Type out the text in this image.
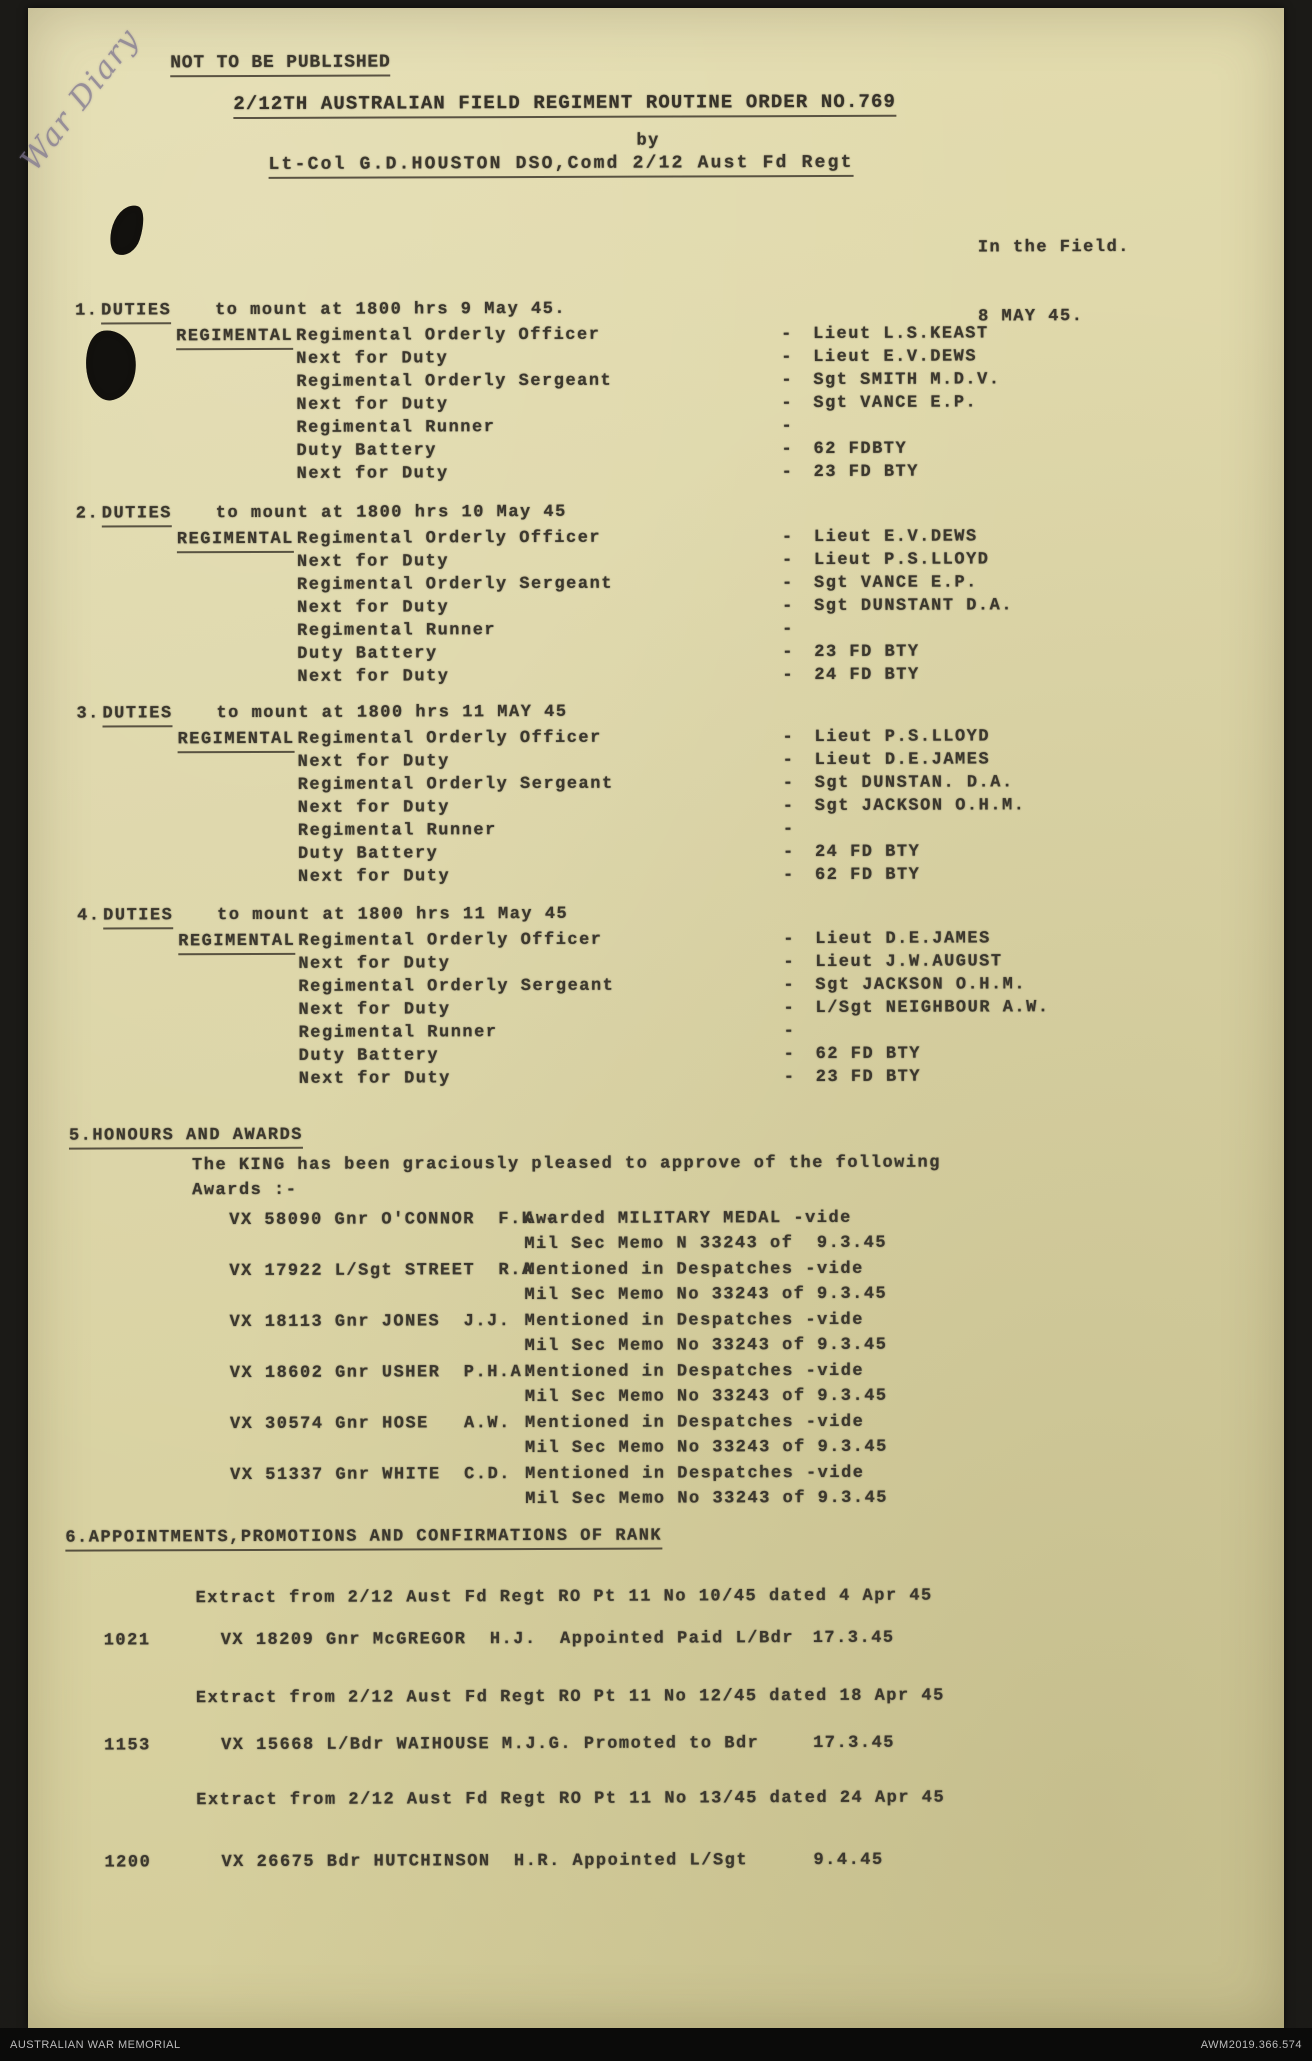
War Diary	NOT TO BE PUBLISHED
2/12TH AUSTRALIAN FIELD REGIMENT ROUTINE ORDER NO.769
by
Lt-Col G.D.HOUSTON DSO,Comd 2/12 Aust Fd Regt

In the Field.

8 MAY 45.

1. DUTIES	to mount at 1800 hrs 9 May 45.
REGIMENTAL Regimental Orderly Officer	- Lieut L.S.KEAST
Next for Duty	- Lieut E.V.DEWS
Regimental Orderly Sergeant	- Sgt SMITH M.D.V.
Next for Duty	- Sgt VANCE E.P.
Regimental Runner	-
Duty Battery	- 62 FDBTY
Next for Duty	- 23 FD BTY
2. DUTIES	to mount at 1800 hrs 10 May 45
REGIMENTAL Regimental Orderly Officer	- Lieut E.V.DEWS
Next for Duty	- Lieut P.S.LLOYD
Regimental Orderly Sergeant	- Sgt VANCE E.P.
Next for Duty	- Sgt DUNSTANT D.A.
Regimental Runner	-
Duty Battery	- 23 FD BTY
Next for Duty	- 24 FD BTY
3. DUTIES	to mount at 1800 hrs 11 MAY 45
REGIMENTAL Regimental Orderly Officer	- Lieut P.S.LLOYD
Next for Duty	- Lieut D.E.JAMES
Regimental Orderly Sergeant	- Sgt DUNSTAN. D.A.
Next for Duty	- Sgt JACKSON O.H.M.
Regimental Runner	-
Duty Battery	- 24 FD BTY
Next for Duty	- 62 FD BTY
4. DUTIES	to mount at 1800 hrs 11 May 45
REGIMENTAL Regimental Orderly Officer	- Lieut D.E.JAMES
Next for Duty	- Lieut J.W.AUGUST
Regimental Orderly Sergeant	- Sgt JACKSON O.H.M.
Next for Duty	- L/Sgt NEIGHBOUR A.W.
Regimental Runner	-
Duty Battery	- 62 FD BTY
Next for Duty	- 23 FD BTY
5.HONOURS AND AWARDS
The KING has been graciously pleased to approve of the following
Awards :-
VX 58090 Gnr O'CONNOR  F.K.-
Awarded MILITARY MEDAL -vide
Mil Sec Memo N 33243 of  9.3.45
VX 17922 L/Sgt STREET  R.A.
Mentioned in Despatches -vide
Mil Sec Memo No 33243 of 9.3.45
VX 18113 Gnr JONES  J.J. Mentioned in Despatches -vide
Mil Sec Memo No 33243 of 9.3.45
VX 18602 Gnr USHER  P.H.A.
Mentioned in Despatches -vide
Mil Sec Memo No 33243 of 9.3.45
VX 30574 Gnr HOSE   A.W. Mentioned in Despatches -vide
Mil Sec Memo No 33243 of 9.3.45
VX 51337 Gnr WHITE  C.D. Mentioned in Despatches -vide
Mil Sec Memo No 33243 of 9.3.45
6.APPOINTMENTS,PROMOTIONS AND CONFIRMATIONS OF RANK
Extract from 2/12 Aust Fd Regt RO Pt 11 No 10/45 dated 4 Apr 45
1021	VX 18209 Gnr McGREGOR  H.J.  Appointed Paid L/Bdr 17.3.45
Extract from 2/12 Aust Fd Regt RO Pt 11 No 12/45 dated 18 Apr 45
1153	VX 15668 L/Bdr WAIHOUSE M.J.G. Promoted to Bdr	17.3.45
Extract from 2/12 Aust Fd Regt RO Pt 11 No 13/45 dated 24 Apr 45
1200	VX 26675 Bdr HUTCHINSON  H.R. Appointed L/Sgt	9.4.45
AUSTRALIAN WAR MEMORIAL	AWM2019.366.574
